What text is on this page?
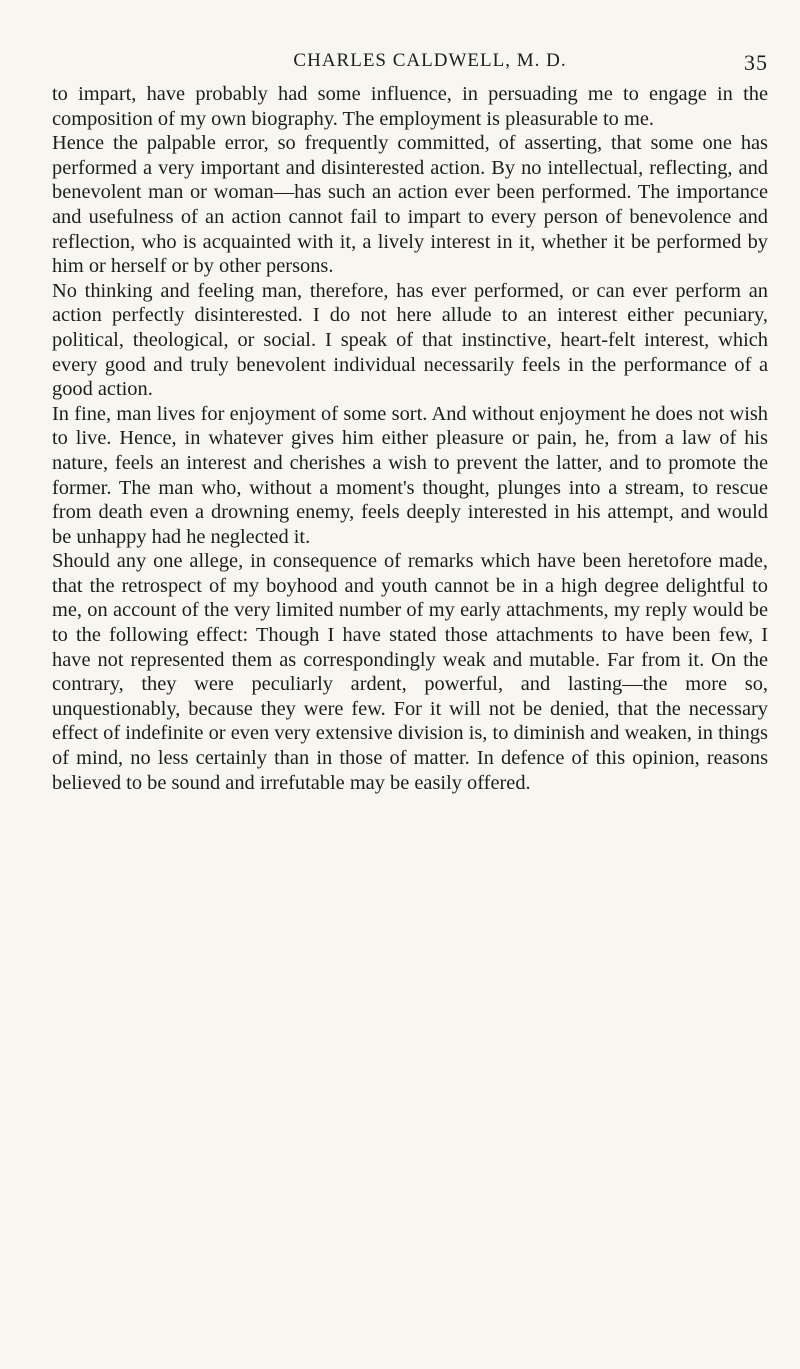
CHARLES CALDWELL, M. D.	35

to impart, have probably had some influence, in persuading me to engage in the composition of my own biography. The employment is pleasurable to me.

Hence the palpable error, so frequently committed, of asserting, that some one has performed a very important and disinterested action. By no intellectual, reflecting, and benevolent man or woman—has such an action ever been performed. The importance and usefulness of an action cannot fail to impart to every person of benevolence and reflection, who is acquainted with it, a lively interest in it, whether it be performed by him or herself or by other persons.

No thinking and feeling man, therefore, has ever performed, or can ever perform an action perfectly disinterested. I do not here allude to an interest either pecuniary, political, theological, or social. I speak of that instinctive, heart-felt interest, which every good and truly benevolent individual necessarily feels in the performance of a good action.

In fine, man lives for enjoyment of some sort. And without enjoyment he does not wish to live. Hence, in whatever gives him either pleasure or pain, he, from a law of his nature, feels an interest and cherishes a wish to prevent the latter, and to promote the former. The man who, without a moment's thought, plunges into a stream, to rescue from death even a drowning enemy, feels deeply interested in his attempt, and would be unhappy had he neglected it.

Should any one allege, in consequence of remarks which have been heretofore made, that the retrospect of my boyhood and youth cannot be in a high degree delightful to me, on account of the very limited number of my early attachments, my reply would be to the following effect: Though I have stated those attachments to have been few, I have not represented them as correspondingly weak and mutable. Far from it. On the contrary, they were peculiarly ardent, powerful, and lasting—the more so, unquestionably, because they were few. For it will not be denied, that the necessary effect of indefinite or even very extensive division is, to diminish and weaken, in things of mind, no less certainly than in those of matter. In defence of this opinion, reasons believed to be sound and irrefutable may be easily offered.
